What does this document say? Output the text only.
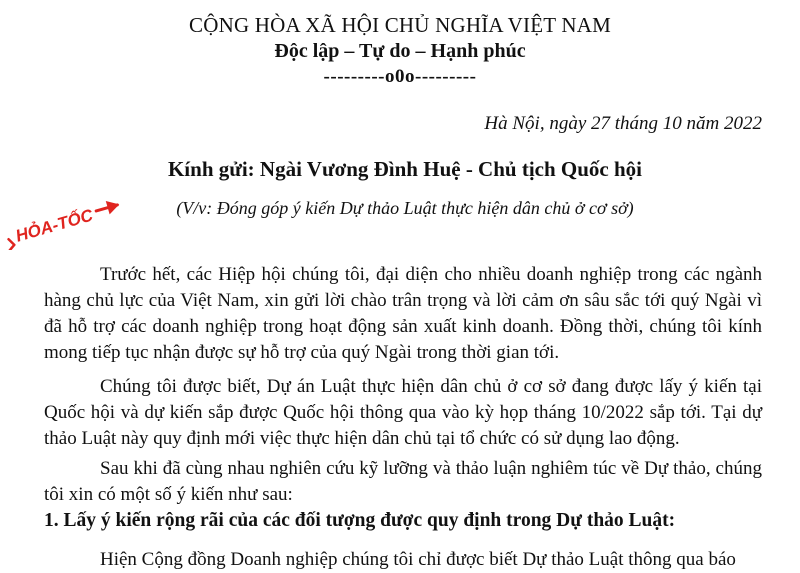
CỘNG HÒA XÃ HỘI CHỦ NGHĨA VIỆT NAM
Độc lập – Tự do – Hạnh phúc
---------o0o---------
Hà Nội, ngày 27 tháng 10 năm 2022
Kính gửi: Ngài Vương Đình Huệ - Chủ tịch Quốc hội
(V/v: Đóng góp ý kiến Dự thảo Luật thực hiện dân chủ ở cơ sở)
HỎA-TỐC

Trước hết, các Hiệp hội chúng tôi, đại diện cho nhiều doanh nghiệp trong các ngành hàng chủ lực của Việt Nam, xin gửi lời chào trân trọng và lời cảm ơn sâu sắc tới quý Ngài vì đã hỗ trợ các doanh nghiệp trong hoạt động sản xuất kinh doanh. Đồng thời, chúng tôi kính mong tiếp tục nhận được sự hỗ trợ của quý Ngài trong thời gian tới.

Chúng tôi được biết, Dự án Luật thực hiện dân chủ ở cơ sở đang được lấy ý kiến tại Quốc hội và dự kiến sắp được Quốc hội thông qua vào kỳ họp tháng 10/2022 sắp tới. Tại dự thảo Luật này quy định mới việc thực hiện dân chủ tại tổ chức có sử dụng lao động.

Sau khi đã cùng nhau nghiên cứu kỹ lưỡng và thảo luận nghiêm túc về Dự thảo, chúng tôi xin có một số ý kiến như sau:

1. Lấy ý kiến rộng rãi của các đối tượng được quy định trong Dự thảo Luật:

Hiện Cộng đồng Doanh nghiệp chúng tôi chỉ được biết Dự thảo Luật thông qua báo
